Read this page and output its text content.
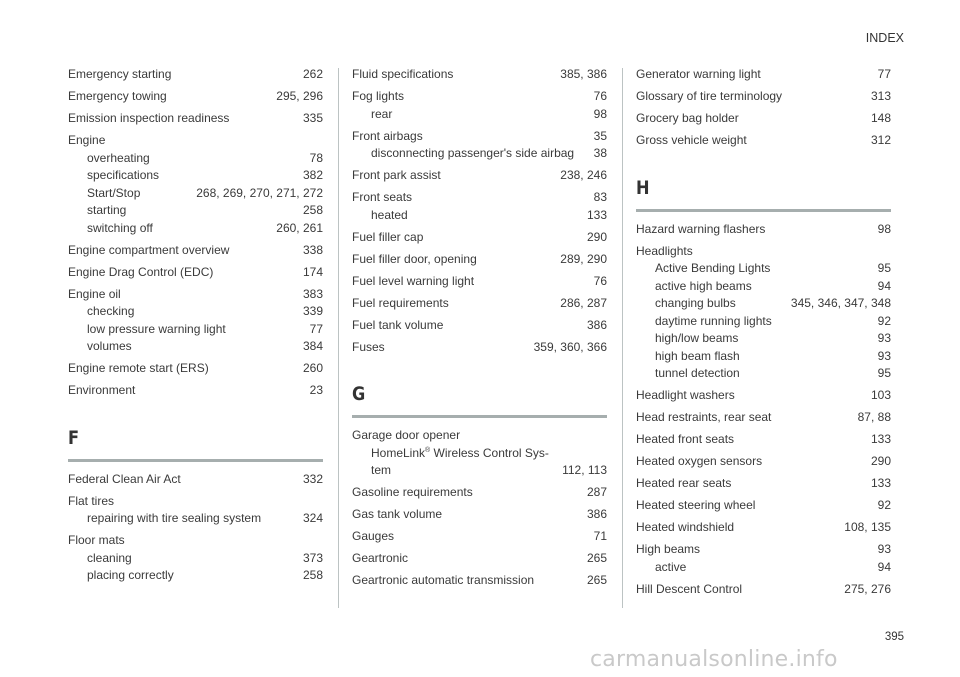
INDEX
Emergency starting	262
Emergency towing	295, 296
Emission inspection readiness	335
Engine
overheating	78
specifications	382
Start/Stop	268, 269, 270, 271, 272
starting	258
switching off	260, 261
Engine compartment overview	338
Engine Drag Control (EDC)	174
Engine oil	383
checking	339
low pressure warning light	77
volumes	384
Engine remote start (ERS)	260
Environment	23
F
Federal Clean Air Act	332
Flat tires
repairing with tire sealing system	324
Floor mats
cleaning	373
placing correctly	258
Fluid specifications	385, 386
Fog lights	76
rear	98
Front airbags	35
disconnecting passenger's side airbag 38
Front park assist	238, 246
Front seats	83
heated	133
Fuel filler cap	290
Fuel filler door, opening	289, 290
Fuel level warning light	76
Fuel requirements	286, 287
Fuel tank volume	386
Fuses	359, 360, 366
G
Garage door opener
HomeLink® Wireless Control Sys-
tem	112, 113
Gasoline requirements	287
Gas tank volume	386
Gauges	71
Geartronic	265
Geartronic automatic transmission	265
Generator warning light	77
Glossary of tire terminology	313
Grocery bag holder	148
Gross vehicle weight	312
H
Hazard warning flashers	98
Headlights
Active Bending Lights	95
active high beams	94
changing bulbs	345, 346, 347, 348
daytime running lights	92
high/low beams	93
high beam flash	93
tunnel detection	95
Headlight washers	103
Head restraints, rear seat	87, 88
Heated front seats	133
Heated oxygen sensors	290
Heated rear seats	133
Heated steering wheel	92
Heated windshield	108, 135
High beams	93
active	94
Hill Descent Control	275, 276
395
carmanualsonline.info
